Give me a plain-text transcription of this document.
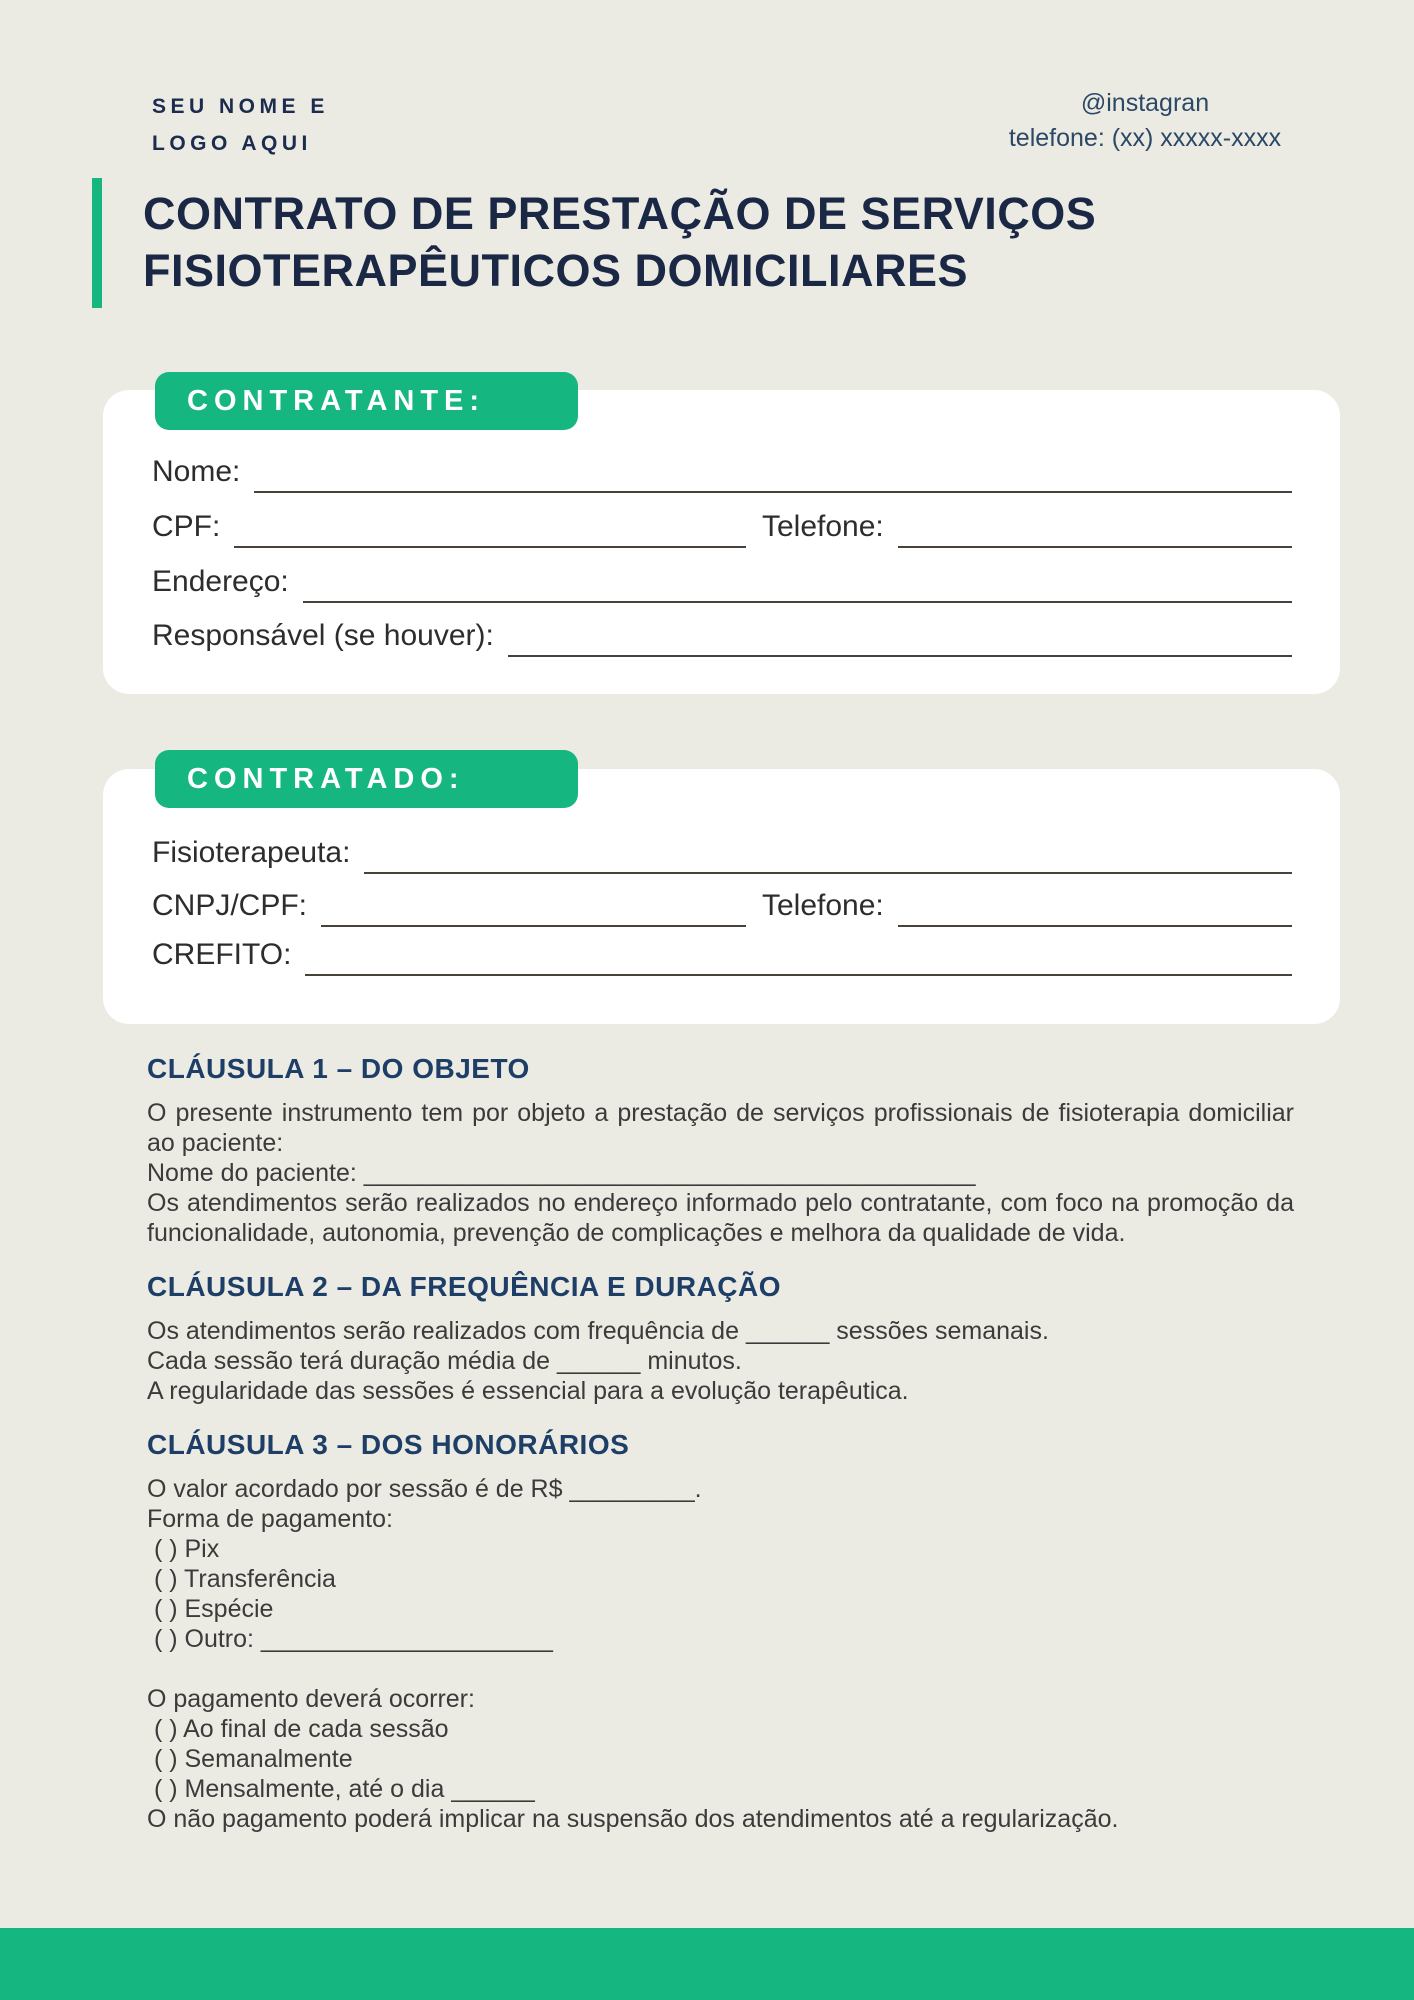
SEU NOME E
LOGO AQUI
@instagran
telefone: (xx) xxxxx-xxxx
CONTRATO DE PRESTAÇÃO DE SERVIÇOS
FISIOTERAPÊUTICOS DOMICILIARES
Nome:
CPF:	Telefone:
Endereço:
Responsável (se houver):
CONTRATANTE:
Fisioterapeuta:
CNPJ/CPF:	Telefone:
CREFITO:
CONTRATADO:
CLÁUSULA 1 – DO OBJETO

O presente instrumento tem por objeto a prestação de serviços profissionais de fisioterapia domiciliar ao paciente:

Nome do paciente: ____________________________________________

Os atendimentos serão realizados no endereço informado pelo contratante, com foco na promoção da funcionalidade, autonomia, prevenção de complicações e melhora da qualidade de vida.

CLÁUSULA 2 – DA FREQUÊNCIA E DURAÇÃO

Os atendimentos serão realizados com frequência de ______ sessões semanais.

Cada sessão terá duração média de ______ minutos.

A regularidade das sessões é essencial para a evolução terapêutica.

CLÁUSULA 3 – DOS HONORÁRIOS

O valor acordado por sessão é de R$ _________.

Forma de pagamento:

( ) Pix

( ) Transferência

( ) Espécie

( ) Outro: _____________________

O pagamento deverá ocorrer:

( ) Ao final de cada sessão

( ) Semanalmente

( ) Mensalmente, até o dia ______

O não pagamento poderá implicar na suspensão dos atendimentos até a regularização.
